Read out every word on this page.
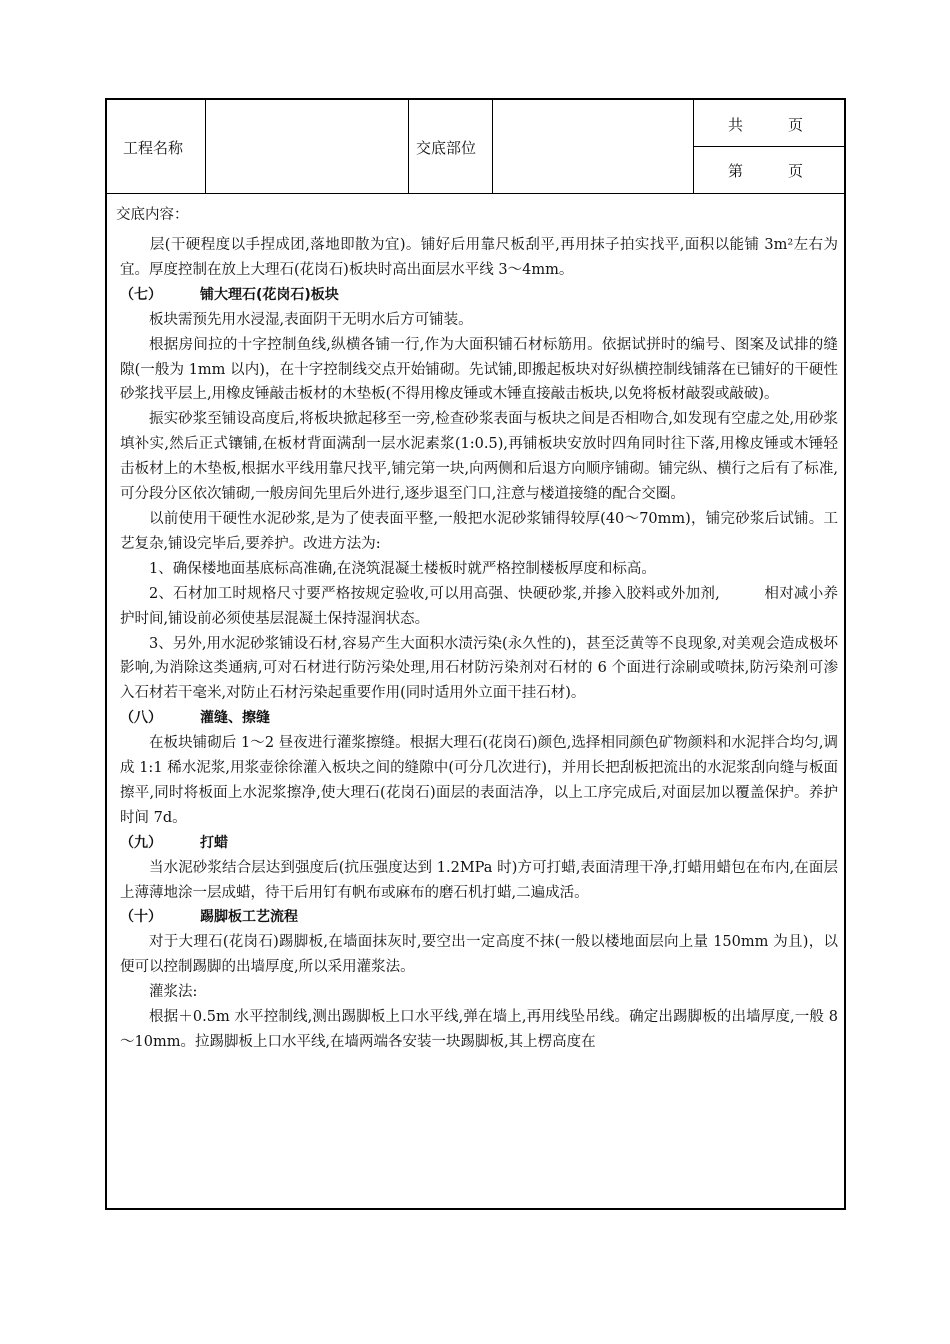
工程名称	交底部位
共　　　页
第　　　页
交底内容：

　　层(干硬程度以手捏成团,落地即散为宜)。铺好后用靠尺板刮平,再用抹子拍实找平,面积以能铺 3m²左右为宜。厚度控制在放上大理石(花岗石)板块时高出面层水平线 3～4mm。

（七）	铺大理石(花岗石)板块

板块需预先用水浸湿,表面阴干无明水后方可铺装。

根据房间拉的十字控制鱼线,纵横各铺一行,作为大面积铺石材标筋用。依据试拼时的编号、图案及试排的缝隙(一般为 1mm 以内)，在十字控制线交点开始铺砌。先试铺,即搬起板块对好纵横控制线铺落在已铺好的干硬性砂浆找平层上,用橡皮锤敲击板材的木垫板(不得用橡皮锤或木锤直接敲击板块,以免将板材敲裂或敲破)。

振实砂浆至铺设高度后,将板块掀起移至一旁,检查砂浆表面与板块之间是否相吻合,如发现有空虚之处,用砂浆填补实,然后正式镶铺,在板材背面满刮一层水泥素浆(1:0.5),再铺板块安放时四角同时往下落,用橡皮锤或木锤轻击板材上的木垫板,根据水平线用靠尺找平,铺完第一块,向两侧和后退方向顺序铺砌。铺完纵、横行之后有了标准,可分段分区依次铺砌,一般房间先里后外进行,逐步退至门口,注意与楼道接缝的配合交圈。

以前使用干硬性水泥砂浆,是为了使表面平整,一般把水泥砂浆铺得较厚(40～70mm)，铺完砂浆后试铺。工艺复杂,铺设完毕后,要养护。改进方法为:

1、确保楼地面基底标高准确,在浇筑混凝土楼板时就严格控制楼板厚度和标高。

2、石材加工时规格尺寸要严格按规定验收,可以用高强、快硬砂浆,并掺入胶料或外加剂,　　　相对减小养护时间,铺设前必须使基层混凝土保持湿润状态。

3、另外,用水泥砂浆铺设石材,容易产生大面积水渍污染(永久性的)，甚至泛黄等不良现象,对美观会造成极坏影响,为消除这类通病,可对石材进行防污染处理,用石材防污染剂对石材的 6 个面进行涂刷或喷抹,防污染剂可渗入石材若干毫米,对防止石材污染起重要作用(同时适用外立面干挂石材)。

（八）	灌缝、擦缝

在板块铺砌后 1～2 昼夜进行灌浆擦缝。根据大理石(花岗石)颜色,选择相同颜色矿物颜料和水泥拌合均匀,调成 1:1 稀水泥浆,用浆壶徐徐灌入板块之间的缝隙中(可分几次进行)，并用长把刮板把流出的水泥浆刮向缝与板面擦平,同时将板面上水泥浆擦净,使大理石(花岗石)面层的表面洁净，以上工序完成后,对面层加以覆盖保护。养护时间 7d。

（九）	打蜡

当水泥砂浆结合层达到强度后(抗压强度达到 1.2MPa 时)方可打蜡,表面清理干净,打蜡用蜡包在布内,在面层上薄薄地涂一层成蜡，待干后用钉有帆布或麻布的磨石机打蜡,二遍成活。

（十）	踢脚板工艺流程

对于大理石(花岗石)踢脚板,在墙面抹灰时,要空出一定高度不抹(一般以楼地面层向上量 150mm 为且)，以便可以控制踢脚的出墙厚度,所以采用灌浆法。

灌浆法:

根据＋0.5m 水平控制线,测出踢脚板上口水平线,弹在墙上,再用线坠吊线。确定出踢脚板的出墙厚度,一般 8～10mm。拉踢脚板上口水平线,在墙两端各安装一块踢脚板,其上楞高度在
